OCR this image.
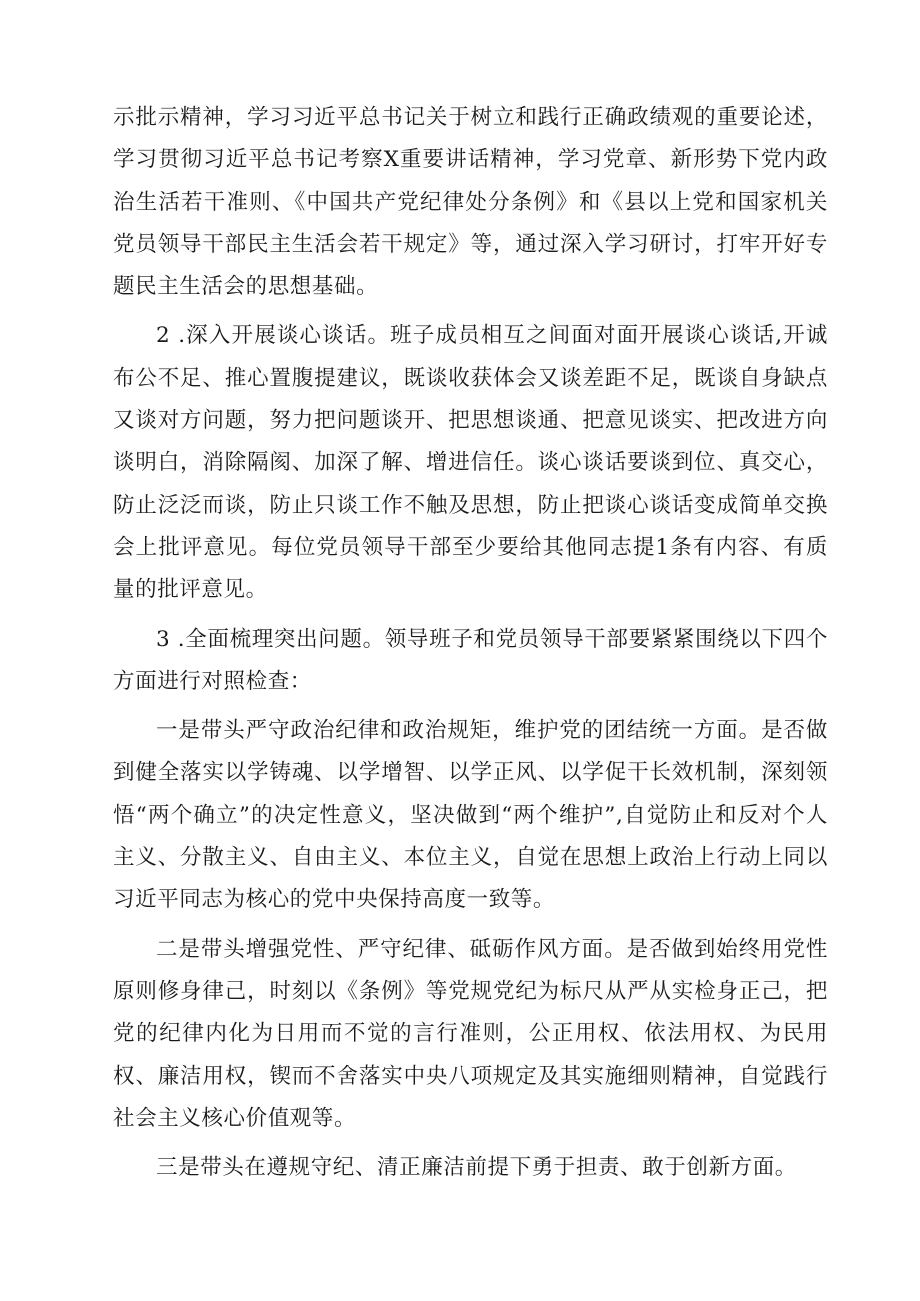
示批示精神，学习习近平总书记关于树立和践行正确政绩观的重要论述，学习贯彻习近平总书记考察X重要讲话精神，学习党章、新形势下党内政治生活若干准则、《中国共产党纪律处分条例》和《县以上党和国家机关党员领导干部民主生活会若干规定》等，通过深入学习研讨，打牢开好专题民主生活会的思想基础。

2 .深入开展谈心谈话。班子成员相互之间面对面开展谈心谈话,开诚布公不足、推心置腹提建议，既谈收获体会又谈差距不足，既谈自身缺点又谈对方问题，努力把问题谈开、把思想谈通、把意见谈实、把改进方向谈明白，消除隔阂、加深了解、增进信任。谈心谈话要谈到位、真交心，防止泛泛而谈，防止只谈工作不触及思想，防止把谈心谈话变成简单交换会上批评意见。每位党员领导干部至少要给其他同志提1条有内容、有质量的批评意见。

3 .全面梳理突出问题。领导班子和党员领导干部要紧紧围绕以下四个方面进行对照检查：

一是带头严守政治纪律和政治规矩，维护党的团结统一方面。是否做到健全落实以学铸魂、以学增智、以学正风、以学促干长效机制，深刻领悟“两个确立”的决定性意义，坚决做到“两个维护”,自觉防止和反对个人主义、分散主义、自由主义、本位主义，自觉在思想上政治上行动上同以习近平同志为核心的党中央保持高度一致等。

二是带头增强党性、严守纪律、砥砺作风方面。是否做到始终用党性原则修身律己，时刻以《条例》等党规党纪为标尺从严从实检身正己，把党的纪律内化为日用而不觉的言行准则，公正用权、依法用权、为民用权、廉洁用权，锲而不舍落实中央八项规定及其实施细则精神，自觉践行社会主义核心价值观等。

三是带头在遵规守纪、清正廉洁前提下勇于担责、敢于创新方面。
